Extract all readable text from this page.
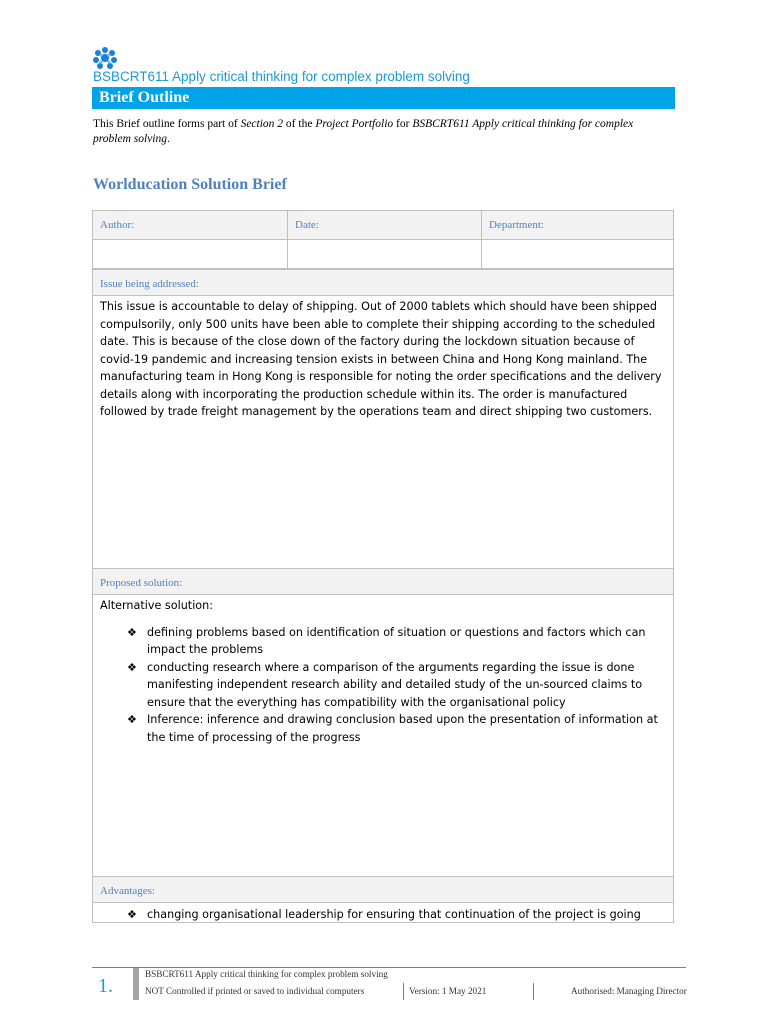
BSBCRT611 Apply critical thinking for complex problem solving
Brief Outline
This Brief outline forms part of Section 2 of the Project Portfolio for BSBCRT611 Apply critical thinking for complex problem solving.
Worlducation Solution Brief
Author:	Date:	Department:

Issue being addressed:
This issue is accountable to delay of shipping. Out of 2000 tablets which should have been shipped compulsorily, only 500 units have been able to complete their shipping according to the scheduled date. This is because of the close down of the factory during the lockdown situation because of covid-19 pandemic and increasing tension exists in between China and Hong Kong mainland. The manufacturing team in Hong Kong is responsible for noting the order specifications and the delivery details along with incorporating the production schedule within its. The order is manufactured followed by trade freight management by the operations team and direct shipping two customers.
Proposed solution:
Alternative solution:
❖ defining problems based on identification of situation or questions and factors which can impact the problems
❖ conducting research where a comparison of the arguments regarding the issue is done manifesting independent research ability and detailed study of the un-sourced claims to ensure that the everything has compatibility with the organisational policy
❖ Inference: inference and drawing conclusion based upon the presentation of information at the time of processing of the progress
Advantages:
❖ changing organisational leadership for ensuring that continuation of the project is going
1.
BSBCRT611 Apply critical thinking for complex problem solving
NOT Controlled if printed or saved to individual computers	Version: 1 May 2021	Authorised: Managing Director
